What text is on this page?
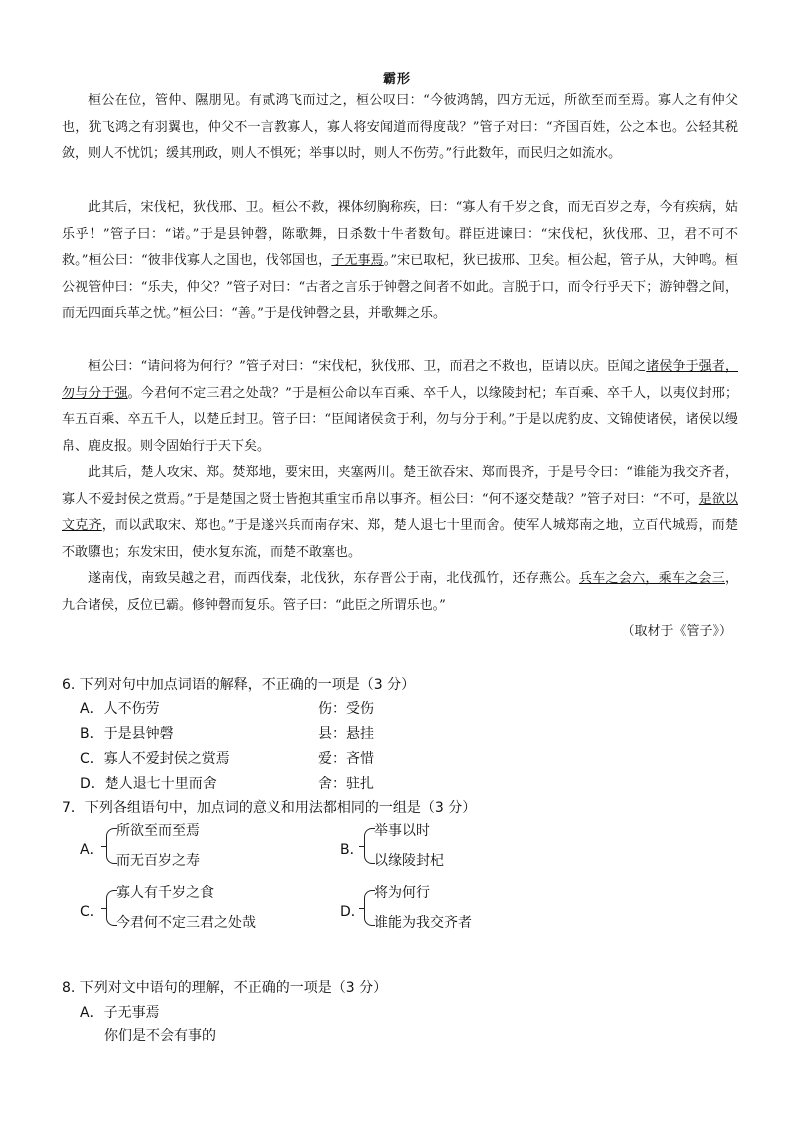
霸形
桓公在位，管仲、隰朋见。有贰鸿飞而过之，桓公叹曰：“今彼鸿鹄，四方无远，所欲至而至焉。寡人之有仲父也，犹飞鸿之有羽翼也，仲父不一言教寡人，寡人将安闻道而得度哉？”管子对曰：“齐国百姓，公之本也。公轻其税敛，则人不忧饥；缓其刑政，则人不惧死；举事以时，则人不伤劳。”行此数年，而民归之如流水。
此其后，宋伐杞，狄伐邢、卫。桓公不救，裸体纫胸称疾，曰：“寡人有千岁之食，而无百岁之寿，今有疾病，姑乐乎！”管子曰：“诺。”于是县钟磬，陈歌舞，日杀数十牛者数旬。群臣进谏曰：“宋伐杞，狄伐邢、卫，君不可不救。”桓公曰：“彼非伐寡人之国也，伐邻国也，子无事焉。”宋已取杞，狄已拔邢、卫矣。桓公起，管子从，大钟鸣。桓公视管仲曰：“乐夫，仲父？”管子对曰：“古者之言乐于钟磬之间者不如此。言脱于口，而令行乎天下；游钟磬之间，而无四面兵革之忧。”桓公曰：“善。”于是伐钟磬之县，并歌舞之乐。
桓公曰：“请问将为何行？”管子对曰：“宋伐杞，狄伐邢、卫，而君之不救也，臣请以庆。臣闻之诸侯争于强者，勿与分于强。今君何不定三君之处哉？”于是桓公命以车百乘、卒千人，以缘陵封杞；车百乘、卒千人，以夷仪封邢；车五百乘、卒五千人，以楚丘封卫。管子曰：“臣闻诸侯贪于利，勿与分于利。”于是以虎豹皮、文锦使诸侯，诸侯以缦帛、鹿皮报。则令固始行于天下矣。
此其后，楚人攻宋、郑。焚郑地，要宋田，夹塞两川。楚王欲吞宋、郑而畏齐，于是号令曰：“谁能为我交齐者，寡人不爱封侯之赏焉。”于是楚国之贤士皆抱其重宝币帛以事齐。桓公曰：“何不逐交楚哉？”管子对曰：“不可，是欲以文克齐，而以武取宋、郑也。”于是遂兴兵而南存宋、郑，楚人退七十里而舍。使军人城郑南之地，立百代城焉，而楚不敢隳也；东发宋田，使水复东流，而楚不敢塞也。
遂南伐，南致吴越之君，而西伐秦，北伐狄，东存晋公于南，北伐孤竹，还存燕公。兵车之会六，乘车之会三，九合诸侯，反位已霸。修钟磬而复乐。管子曰：“此臣之所谓乐也。”
（取材于《管子》）
6. 下列对句中加点词语的解释，不正确的一项是（3 分）
A．人不伤劳	伤：受伤
B．于是县钟磬	县：悬挂
C．寡人不爱封侯之赏焉	爱：吝惜
D．楚人退七十里而舍	舍：驻扎
7．下列各组语句中，加点词的意义和用法都相同的一组是（3 分）
A．
所欲至而至焉
而无百岁之寿
B．
举事以时
以缘陵封杞
C．
寡人有千岁之食
今君何不定三君之处哉
D．
将为何行
谁能为我交齐者
8. 下列对文中语句的理解，不正确的一项是（3 分）
A．子无事焉
你们是不会有事的
